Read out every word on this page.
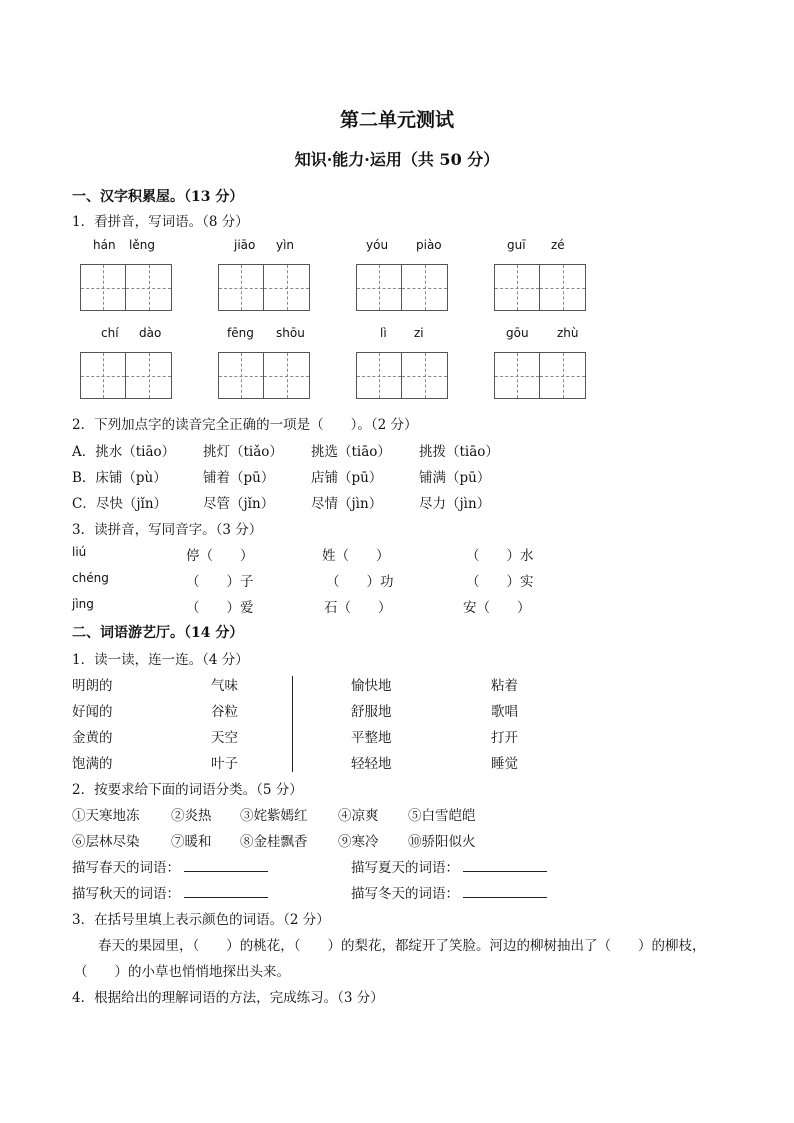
第二单元测试
知识·能力·运用（共 50 分）
一、汉字积累屋。（13 分）
1．看拼音，写词语。（8 分）
hán lěng	jiāo yìn	yóu piào	guī zé
chí dào	fēng shōu	lì zi	gōu zhù
2．下列加点字的读音完全正确的一项是（　　）。（2 分）
A．挑水（tiāo） 挑灯（tiǎo） 挑选（tiāo） 挑拨（tiāo）
B．床铺（pù）	铺着（pū）	店铺（pū）	铺满（pū）
C．尽快（jǐn）	尽管（jǐn）	尽情（jìn）	尽力（jìn）
3．读拼音，写同音字。（3 分）
liú	停（　　）	姓（　　）	（　　）水
chéng	（　　）子	（　　）功	（　　）实
jìng	（　　）爱	石（　　）	安（　　）
二、词语游艺厅。（14 分）
1．读一读，连一连。（4 分）
明朗的	气味	愉快地	粘着
好闻的	谷粒	舒服地	歌唱
金黄的	天空	平整地	打开
饱满的	叶子	轻轻地	睡觉
2．按要求给下面的词语分类。（5 分）
①天寒地冻 ②炎热 ③姹紫嫣红 ④凉爽 ⑤白雪皑皑
⑥层林尽染 ⑦暖和 ⑧金桂飘香 ⑨寒冷 ⑩骄阳似火
描写春天的词语：	描写夏天的词语：
描写秋天的词语：	描写冬天的词语：
3．在括号里填上表示颜色的词语。（2 分）
春天的果园里，（　　）的桃花，（　　）的梨花，都绽开了笑脸。河边的柳树抽出了（　　）的柳枝，
（　　）的小草也悄悄地探出头来。
4．根据给出的理解词语的方法，完成练习。（3 分）
